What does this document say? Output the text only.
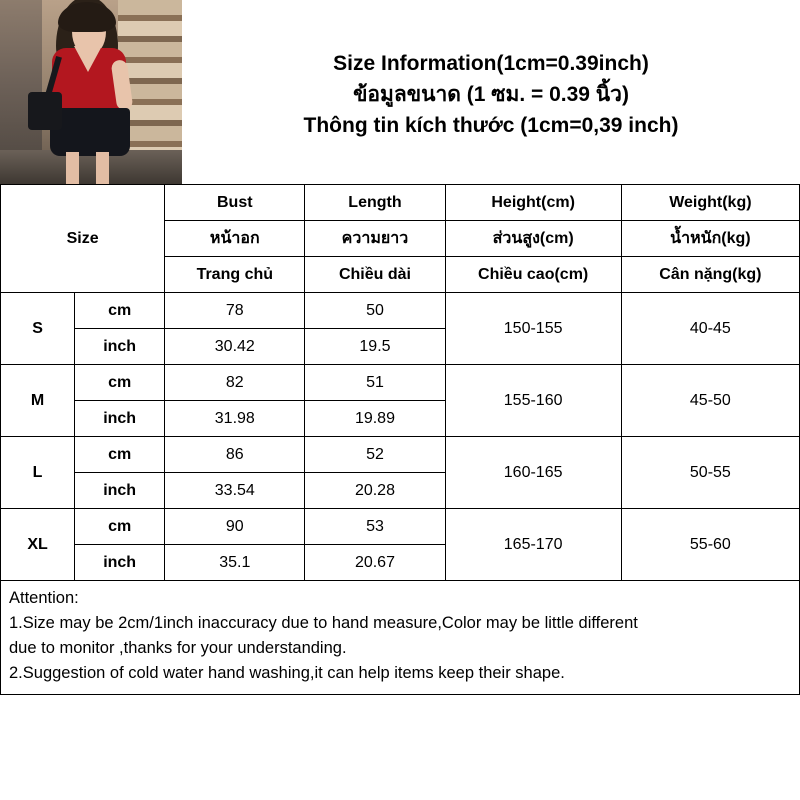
Size Information(1cm=0.39inch)
ข้อมูลขนาด (1 ซม. = 0.39 นิ้ว)
Thông tin kích thước (1cm=0,39 inch)
Size		Bust	Length	Height(cm)	Weight(kg)
		หน้าอก	ความยาว	ส่วนสูง(cm)	น้ำหนัก(kg)
		Trang chủ	Chiều dài	Chiều cao(cm)	Cân nặng(kg)
S	cm	78	50	150-155	40-45
	inch	30.42	19.5		
M	cm	82	51	155-160	45-50
	inch	31.98	19.89		
L	cm	86	52	160-165	50-55
	inch	33.54	20.28		
XL	cm	90	53	165-170	55-60
	inch	35.1	20.67		

Attention:

1.Size may be 2cm/1inch inaccuracy due to hand measure,Color may be little different

due to monitor ,thanks for your understanding.

2.Suggestion of cold water hand washing,it can help items keep their shape.
